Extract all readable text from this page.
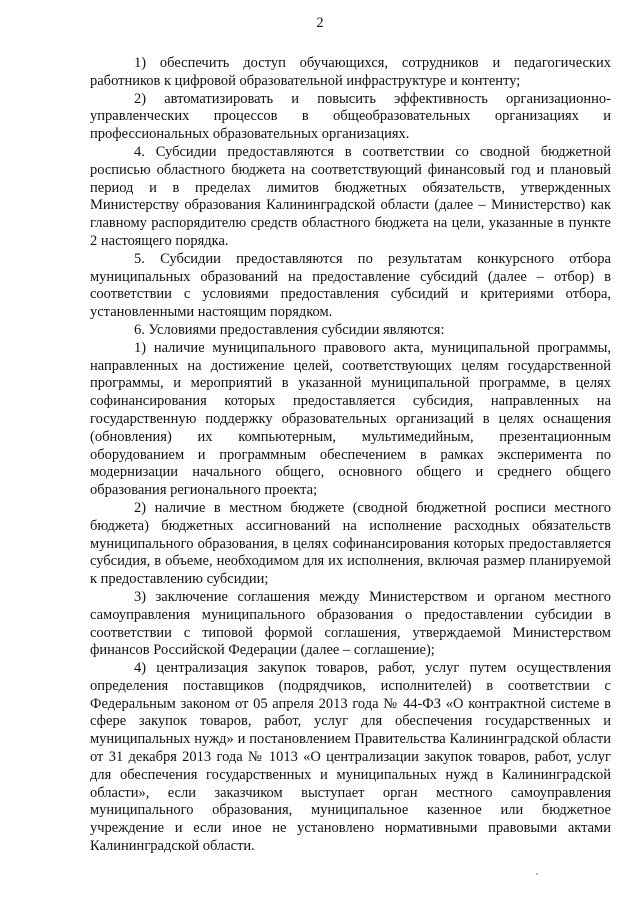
2

1) обеспечить доступ обучающихся, сотрудников и педагогических работников к цифровой образовательной инфраструктуре и контенту;

2) автоматизировать и повысить эффективность организационно-управленческих процессов в общеобразовательных организациях и профессиональных образовательных организациях.

4. Субсидии предоставляются в соответствии со сводной бюджетной росписью областного бюджета на соответствующий финансовый год и плановый период и в пределах лимитов бюджетных обязательств, утвержденных Министерству образования Калининградской области (далее – Министерство) как главному распорядителю средств областного бюджета на цели, указанные в пункте 2 настоящего порядка.

5. Субсидии предоставляются по результатам конкурсного отбора муниципальных образований на предоставление субсидий (далее – отбор) в соответствии с условиями предоставления субсидий и критериями отбора, установленными настоящим порядком.

6. Условиями предоставления субсидии являются:

1) наличие муниципального правового акта, муниципальной программы, направленных на достижение целей, соответствующих целям государственной программы, и мероприятий в указанной муниципальной программе, в целях софинансирования которых предоставляется субсидия, направленных на государственную поддержку образовательных организаций в целях оснащения (обновления) их компьютерным, мультимедийным, презентационным оборудованием и программным обеспечением в рамках эксперимента по модернизации начального общего, основного общего и среднего общего образования регионального проекта;

2) наличие в местном бюджете (сводной бюджетной росписи местного бюджета) бюджетных ассигнований на исполнение расходных обязательств муниципального образования, в целях софинансирования которых предоставляется субсидия, в объеме, необходимом для их исполнения, включая размер планируемой к предоставлению субсидии;

3) заключение соглашения между Министерством и органом местного самоуправления муниципального образования о предоставлении субсидии в соответствии с типовой формой соглашения, утверждаемой Министерством финансов Российской Федерации (далее – соглашение);

4) централизация закупок товаров, работ, услуг путем осуществления определения поставщиков (подрядчиков, исполнителей) в соответствии с Федеральным законом от 05 апреля 2013 года № 44-ФЗ «О контрактной системе в сфере закупок товаров, работ, услуг для обеспечения государственных и муниципальных нужд» и постановлением Правительства Калининградской области от 31 декабря 2013 года № 1013 «О централизации закупок товаров, работ, услуг для обеспечения государственных и муниципальных нужд в Калининградской области», если заказчиком выступает орган местного самоуправления муниципального образования, муниципальное казенное или бюджетное учреждение и если иное не установлено нормативными правовыми актами Калининградской области.
